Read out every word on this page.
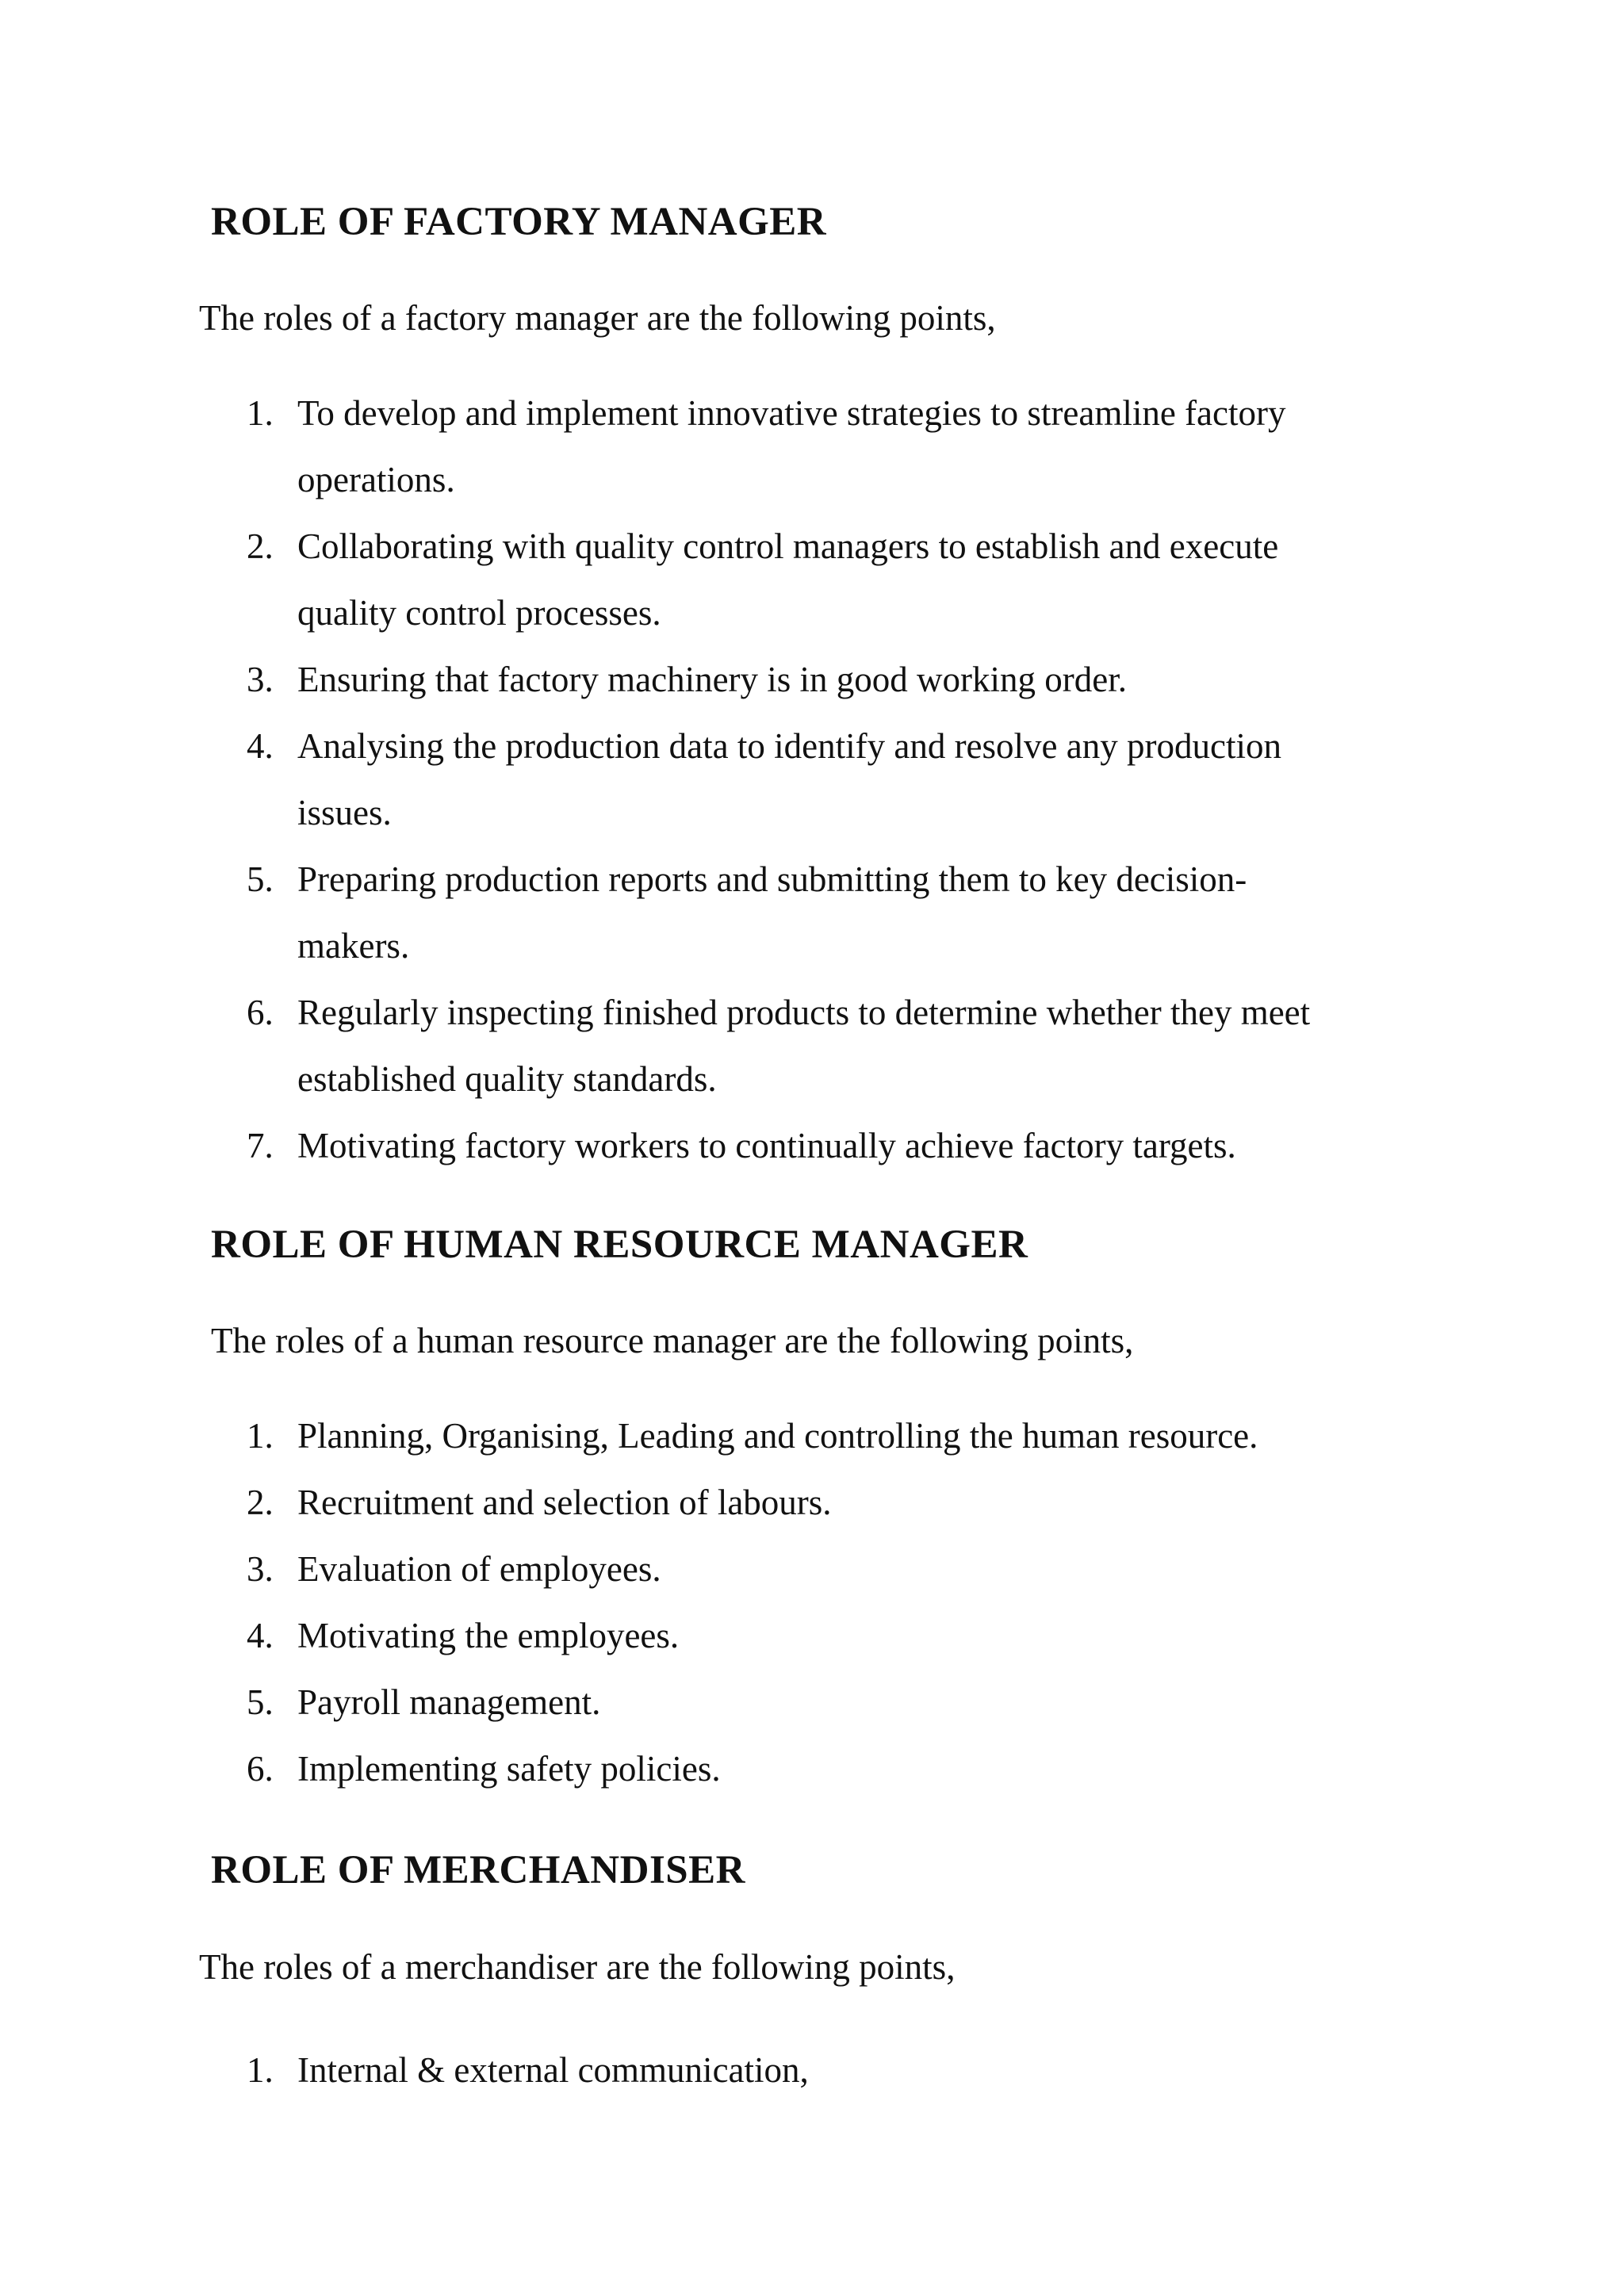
ROLE OF FACTORY MANAGER

The roles of a factory manager are the following points,

1. To develop and implement innovative strategies to streamline factory
operations.
2. Collaborating with quality control managers to establish and execute
quality control processes.
3. Ensuring that factory machinery is in good working order.
4. Analysing the production data to identify and resolve any production
issues.
5. Preparing production reports and submitting them to key decision-
makers.
6. Regularly inspecting finished products to determine whether they meet
established quality standards.
7. Motivating factory workers to continually achieve factory targets.
ROLE OF HUMAN RESOURCE MANAGER

The roles of a human resource manager are the following points,

1. Planning, Organising, Leading and controlling the human resource.
2. Recruitment and selection of labours.
3. Evaluation of employees.
4. Motivating the employees.
5. Payroll management.
6. Implementing safety policies.
ROLE OF MERCHANDISER

The roles of a merchandiser are the following points,

1. Internal & external communication,
